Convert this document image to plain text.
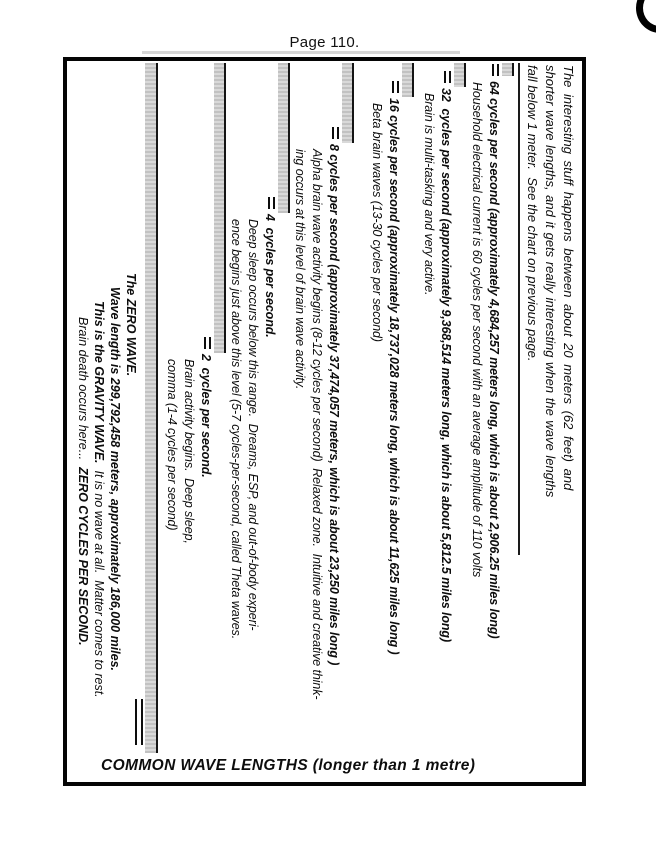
Page 110.
The interesting stuff happens between about 20 meters (62 feet) and
shorter wave lengths, and it gets really interesting when the wave lengths
fall below 1 meter.  See the chart on previous page.
64 cycles per second (approximately 4,684,257 meters long, which is about 2,906.25 miles long)
Household electrical current is 60 cycles per second with an average amplitude of 110 volts
32  cycles per second (approximately 9,368,514 meters long, which is about 5,812.5 miles long)
Brain is multi-tasking and very active.
16 cycles per second (approximately 18,737,028 meters long, which is about 11,625 miles long )
Beta brain waves (13-30 cycles per second)
8 cycles per second (approximately 37,474,057 meters, which is about 23,250 miles long )
Alpha brain wave activity begins (8-12 cycles per second)  Relaxed zone.  Intuitive and creative think-
ing occurs at this level of brain wave activity.
4  cycles per second.
Deep sleep occurs below this range.  Dreams, ESP, and out-of-body experi-
ence begins just above this level (5-7 cycles-per-second, called Theta waves.
2  cycles per second.
Brain activity begins.  Deep sleep,
comma (1-4 cycles per second)
The ZERO WAVE.
Wave length is 299,792,458 meters, approximately 186,000 miles.
This is the GRAVITY WAVE.  It is no wave at all.  Matter comes to rest.
Brain death occurs here...  ZERO CYCLES PER SECOND.
COMMON WAVE LENGTHS (longer than 1 metre)
